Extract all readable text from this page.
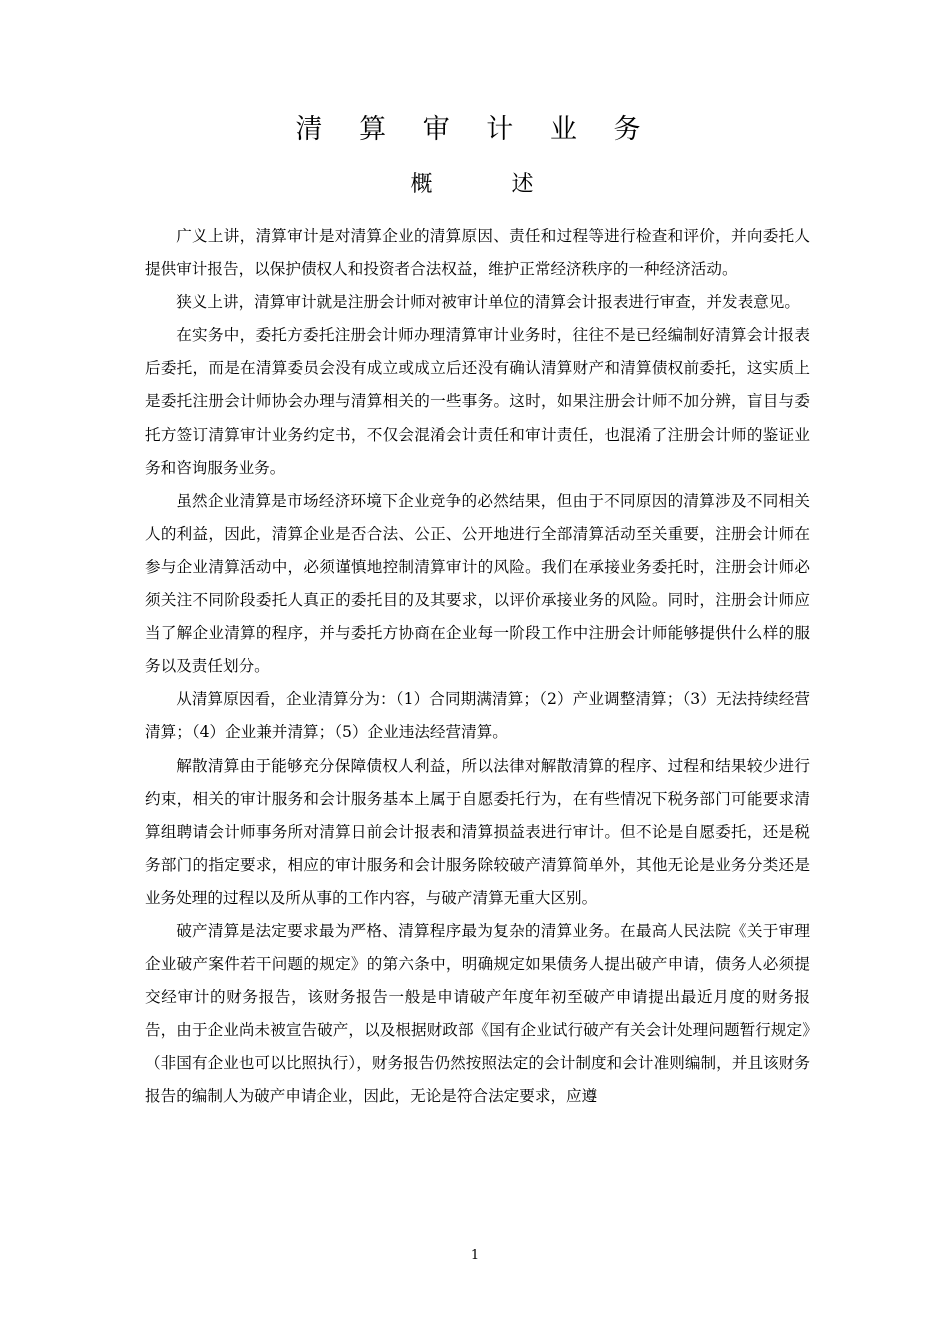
清 算 审 计 业 务
概 述

广义上讲，清算审计是对清算企业的清算原因、责任和过程等进行检查和评价，并向委托人提供审计报告，以保护债权人和投资者合法权益，维护正常经济秩序的一种经济活动。

狭义上讲，清算审计就是注册会计师对被审计单位的清算会计报表进行审查，并发表意见。

在实务中，委托方委托注册会计师办理清算审计业务时，往往不是已经编制好清算会计报表后委托，而是在清算委员会没有成立或成立后还没有确认清算财产和清算债权前委托，这实质上是委托注册会计师协会办理与清算相关的一些事务。这时，如果注册会计师不加分辨，盲目与委托方签订清算审计业务约定书，不仅会混淆会计责任和审计责任，也混淆了注册会计师的鉴证业务和咨询服务业务。

虽然企业清算是市场经济环境下企业竞争的必然结果，但由于不同原因的清算涉及不同相关人的利益，因此，清算企业是否合法、公正、公开地进行全部清算活动至关重要，注册会计师在参与企业清算活动中，必须谨慎地控制清算审计的风险。我们在承接业务委托时，注册会计师必须关注不同阶段委托人真正的委托目的及其要求，以评价承接业务的风险。同时，注册会计师应当了解企业清算的程序，并与委托方协商在企业每一阶段工作中注册会计师能够提供什么样的服务以及责任划分。

从清算原因看，企业清算分为：（1）合同期满清算；（2）产业调整清算；（3）无法持续经营清算；（4）企业兼并清算；（5）企业违法经营清算。

解散清算由于能够充分保障债权人利益，所以法律对解散清算的程序、过程和结果较少进行约束，相关的审计服务和会计服务基本上属于自愿委托行为，在有些情况下税务部门可能要求清算组聘请会计师事务所对清算日前会计报表和清算损益表进行审计。但不论是自愿委托，还是税务部门的指定要求，相应的审计服务和会计服务除较破产清算简单外，其他无论是业务分类还是业务处理的过程以及所从事的工作内容，与破产清算无重大区别。

破产清算是法定要求最为严格、清算程序最为复杂的清算业务。在最高人民法院《关于审理企业破产案件若干问题的规定》的第六条中，明确规定如果债务人提出破产申请，债务人必须提交经审计的财务报告，该财务报告一般是申请破产年度年初至破产申请提出最近月度的财务报告，由于企业尚未被宣告破产，以及根据财政部《国有企业试行破产有关会计处理问题暂行规定》（非国有企业也可以比照执行），财务报告仍然按照法定的会计制度和会计准则编制，并且该财务报告的编制人为破产申请企业，因此，无论是符合法定要求，应遵

1
